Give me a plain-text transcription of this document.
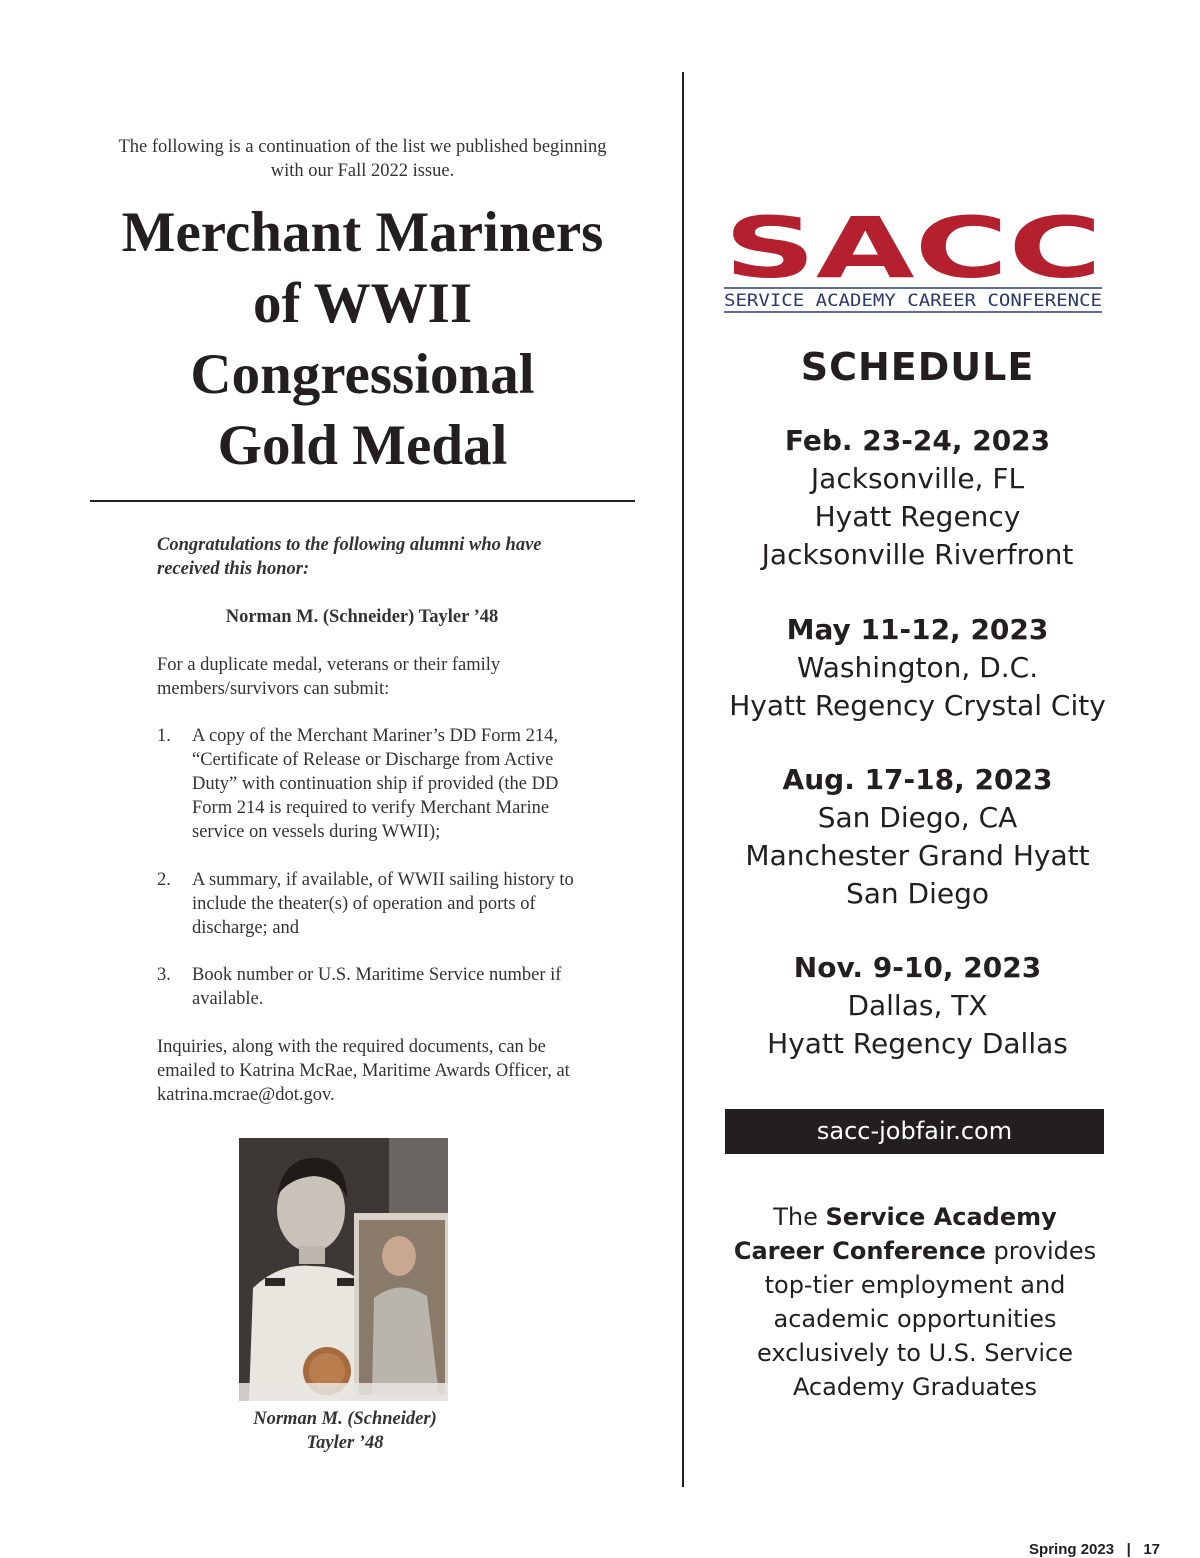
The following is a continuation of the list we published beginning with our Fall 2022 issue.
Merchant Mariners
of WWII
Congressional
Gold Medal
Congratulations to the following alumni who have received this honor:
Norman M. (Schneider) Tayler ’48
For a duplicate medal, veterans or their family members/survivors can submit:
1. A copy of the Merchant Mariner’s DD Form 214, “Certificate of Release or Discharge from Active Duty” with continuation ship if provided (the DD Form 214 is required to verify Merchant Marine service on vessels during WWII);
2. A summary, if available, of WWII sailing history to include the theater(s) of operation and ports of discharge; and
3. Book number or U.S. Maritime Service number if available.
Inquiries, along with the required documents, can be emailed to Katrina McRae, Maritime Awards Officer, at katrina.mcrae@dot.gov.
Norman M. (Schneider)
Tayler ’48
SACC
SERVICE ACADEMY CAREER CONFERENCE
SCHEDULE
Feb. 23-24, 2023
Jacksonville, FL
Hyatt Regency
Jacksonville Riverfront
May 11-12, 2023
Washington, D.C.
Hyatt Regency Crystal City
Aug. 17-18, 2023
San Diego, CA
Manchester Grand Hyatt
San Diego
Nov. 9-10, 2023
Dallas, TX
Hyatt Regency Dallas
sacc-jobfair.com
The Service Academy Career Conference provides top-tier employment and academic opportunities exclusively to U.S. Service Academy Graduates
Spring 2023 | 17
